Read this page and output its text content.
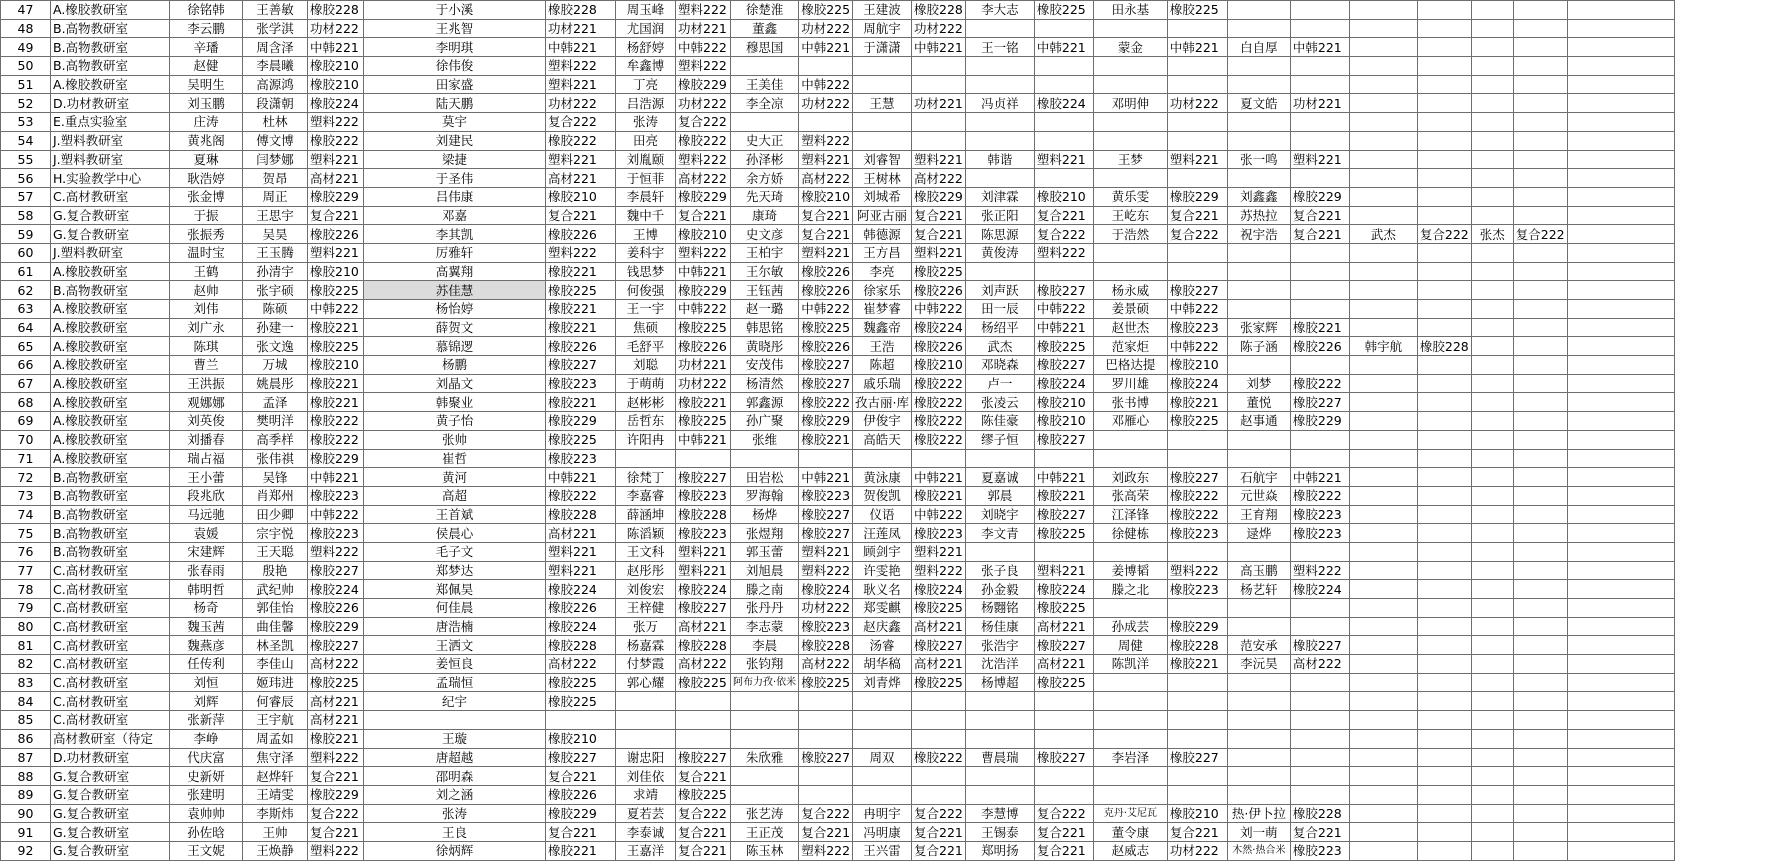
47	A.橡胶教研室	徐铭韩	王善敏	橡胶228	于小溪	橡胶228	周玉峰	塑料222	徐楚淮	橡胶225	王建波	橡胶228	李大志	橡胶225	田永基	橡胶225							
48	B.高物教研室	李云鹏	张学淇	功材222	王兆智	功材221	尤国润	功材221	董鑫	功材222	周航宇	功材222											
49	B.高物教研室	辛璠	周含泽	中韩221	李明琪	中韩221	杨舒婷	中韩222	穆思国	中韩221	于潇潇	中韩221	王一铭	中韩221	蒙金	中韩221	白自厚	中韩221					
50	B.高物教研室	赵健	李晨曦	橡胶210	徐伟俊	塑料222	牟鑫博	塑料222															
51	A.橡胶教研室	吴明生	高源鸿	橡胶210	田家盛	塑料221	丁亮	橡胶229	王美佳	中韩222													
52	D.功材教研室	刘玉鹏	段潇朝	橡胶224	陆天鹏	功材222	吕浩源	功材222	李全凉	功材222	王慧	功材221	冯贞祥	橡胶224	邓明伸	功材222	夏文皓	功材221					
53	E.重点实验室	庄涛	杜林	塑料222	莫宇	复合222	张涛	复合222															
54	J.塑料教研室	黄兆阁	傅文博	橡胶222	刘建民	橡胶222	田亮	橡胶222	史大正	塑料222													
55	J.塑料教研室	夏琳	闫梦娜	塑料221	梁捷	塑料221	刘胤颐	塑料222	孙泽彬	塑料221	刘睿智	塑料221	韩谐	塑料221	王梦	塑料221	张一鸣	塑料221					
56	H.实验教学中心	耿浩婷	贺昂	高材221	于圣伟	高材221	于恒菲	高材222	余方娇	高材222	王树林	高材222											
57	C.高材教研室	张金博	周正	橡胶229	吕伟康	橡胶210	李晨轩	橡胶229	先天琦	橡胶210	刘城希	橡胶229	刘津霖	橡胶210	黄乐雯	橡胶229	刘鑫鑫	橡胶229					
58	G.复合教研室	于振	王思宇	复合221	邓嘉	复合221	魏中千	复合221	康琦	复合221	阿亚古丽	复合221	张正阳	复合221	王屹东	复合221	苏热拉	复合221					
59	G.复合教研室	张振秀	吴昊	橡胶226	李其凯	橡胶226	王博	橡胶210	史文彦	复合221	韩德源	复合221	陈思源	复合222	于浩然	复合222	祝宇浩	复合221	武杰	复合222	张杰	复合222	
60	J.塑料教研室	温时宝	王玉腾	塑料221	厉雅轩	塑料222	姜科宇	塑料222	王柏宇	塑料221	王方昌	塑料221	黄俊涛	塑料222									
61	A.橡胶教研室	王鹤	孙清宇	橡胶210	高翼翔	橡胶221	钱思梦	中韩221	王尔敏	橡胶226	李亮	橡胶225											
62	B.高物教研室	赵帅	张宇硕	橡胶225	苏佳慧	橡胶225	何俊强	橡胶229	王钰茜	橡胶226	徐家乐	橡胶226	刘声跃	橡胶227	杨永威	橡胶227							
63	A.橡胶教研室	刘伟	陈硕	中韩222	杨怡婷	橡胶221	王一宇	中韩222	赵一璐	中韩222	崔梦睿	中韩222	田一辰	中韩222	姜景硕	中韩222							
64	A.橡胶教研室	刘广永	孙建一	橡胶221	薛贺文	橡胶221	焦硕	橡胶225	韩思铭	橡胶225	魏鑫帝	橡胶224	杨绍平	中韩221	赵世杰	橡胶223	张家辉	橡胶221					
65	A.橡胶教研室	陈琪	张文逸	橡胶225	慕锦逻	橡胶226	毛舒平	橡胶226	黄晓彤	橡胶226	王浩	橡胶226	武杰	橡胶225	范家炬	中韩222	陈子涵	橡胶226	韩宇航	橡胶228			
66	A.橡胶教研室	曹兰	万城	橡胶210	杨鹏	橡胶227	刘聪	功材221	安茂伟	橡胶227	陈超	橡胶210	邓晓森	橡胶227	巴格达提	橡胶210							
67	A.橡胶教研室	王洪振	姚晨彤	橡胶221	刘晶文	橡胶223	于萌萌	功材222	杨清然	橡胶227	戚乐瑞	橡胶222	卢一	橡胶224	罗川雄	橡胶224	刘梦	橡胶222					
68	A.橡胶教研室	观娜娜	孟泽	橡胶221	韩聚业	橡胶221	赵彬彬	橡胶221	郭鑫源	橡胶222	孜古丽·库	橡胶222	张凌云	橡胶210	张书博	橡胶221	董悦	橡胶227					
69	A.橡胶教研室	刘英俊	樊明洋	橡胶222	黄子怡	橡胶229	岳哲东	橡胶225	孙广聚	橡胶229	伊俊宇	橡胶222	陈佳豪	橡胶210	邓雁心	橡胶225	赵事通	橡胶229					
70	A.橡胶教研室	刘播春	高季样	橡胶222	张帅	橡胶225	许阳冉	中韩221	张维	橡胶221	高皓天	橡胶222	缪子恒	橡胶227									
71	A.橡胶教研室	瑞占福	张伟祺	橡胶229	崔哲	橡胶223																	
72	B.高物教研室	王小蕾	吴锋	中韩221	黄河	中韩221	徐梵丁	橡胶227	田岩松	中韩221	黄泳康	中韩221	夏嘉诚	中韩221	刘政东	橡胶227	石航宇	中韩221					
73	B.高物教研室	段兆欣	肖郑州	橡胶223	高超	橡胶222	李嘉睿	橡胶223	罗海翰	橡胶223	贺俊凯	橡胶221	郭晨	橡胶221	张高荣	橡胶222	元世焱	橡胶222					
74	B.高物教研室	马远驰	田少卿	中韩222	王首斌	橡胶228	薛涵坤	橡胶228	杨烨	橡胶227	仪语	中韩222	刘晓宇	橡胶227	江泽锋	橡胶222	王育翔	橡胶223					
75	B.高物教研室	袁媛	宗宇悦	橡胶223	侯晨心	高材221	陈滔颖	橡胶223	张煜翔	橡胶227	汪莲凤	橡胶223	李文青	橡胶225	徐健栋	橡胶223	逯烨	橡胶223					
76	B.高物教研室	宋建辉	王天聪	塑料222	毛子文	塑料221	王文科	塑料221	郭玉蕾	塑料221	顾剑宇	塑料221											
77	C.高材教研室	张春雨	殷艳	橡胶227	郑梦达	塑料221	赵彤彤	塑料221	刘旭晨	塑料222	许雯艳	塑料222	张子良	塑料221	姜博韬	塑料222	高玉鹏	塑料222					
78	C.高材教研室	韩明哲	武纪帅	橡胶224	郑佩昊	橡胶224	刘俊宏	橡胶224	滕之南	橡胶224	耿义名	橡胶224	孙金毅	橡胶224	滕之北	橡胶223	杨艺轩	橡胶224					
79	C.高材教研室	杨奇	郭佳怡	橡胶226	何佳晨	橡胶226	王梓健	橡胶227	张丹丹	功材222	郑雯麒	橡胶225	杨翾铭	橡胶225									
80	C.高材教研室	魏玉茜	曲佳馨	橡胶229	唐浩楠	橡胶224	张万	高材221	李志蒙	橡胶223	赵庆鑫	高材221	杨佳康	高材221	孙成芸	橡胶229							
81	C.高材教研室	魏燕彦	林圣凯	橡胶227	王洒文	橡胶228	杨嘉霖	橡胶228	李晨	橡胶228	汤睿	橡胶227	张浩宇	橡胶227	周健	橡胶228	范安承	橡胶227					
82	C.高材教研室	任传利	李佳山	高材222	姜恒良	高材222	付梦霞	高材222	张钧翔	高材222	胡华稿	高材221	沈浩洋	高材221	陈凯洋	橡胶221	李沅昊	高材222					
83	C.高材教研室	刘恒	姬玮进	橡胶225	孟瑞恒	橡胶225	郭心耀	橡胶225	阿布力孜·依米	橡胶225	刘青烨	橡胶225	杨博超	橡胶225									
84	C.高材教研室	刘辉	何睿辰	高材221	纪宇	橡胶225																	
85	C.高材教研室	张新萍	王宇航	高材221																			
86	高材教研室（待定	李峥	周孟如	橡胶221	王璇	橡胶210																	
87	D.功材教研室	代庆富	焦守泽	塑料222	唐超越	橡胶227	谢忠阳	橡胶227	朱欣雅	橡胶227	周双	橡胶222	曹晨瑞	橡胶227	李岩泽	橡胶227							
88	G.复合教研室	史新妍	赵烨轩	复合221	邵明森	复合221	刘佳依	复合221															
89	G.复合教研室	张建明	王靖雯	橡胶229	刘之涵	橡胶226	求靖	橡胶225															
90	G.复合教研室	袁帅帅	李斯炜	复合222	张涛	橡胶229	夏若芸	复合222	张艺涛	复合222	冉明宇	复合222	李慧博	复合222	克丹·艾尼瓦	橡胶210	热·伊卜拉	橡胶228					
91	G.复合教研室	孙佐晗	王帅	复合221	王良	复合221	李泰诚	复合221	王正茂	复合221	冯明康	复合221	王锡泰	复合221	董令康	复合221	刘一萌	复合221					
92	G.复合教研室	王文妮	王焕静	塑料222	徐炳辉	橡胶221	王嘉洋	复合221	陈玉林	塑料222	王兴雷	复合221	郑明扬	复合221	赵威志	功材222	木然·热合米	橡胶223					
